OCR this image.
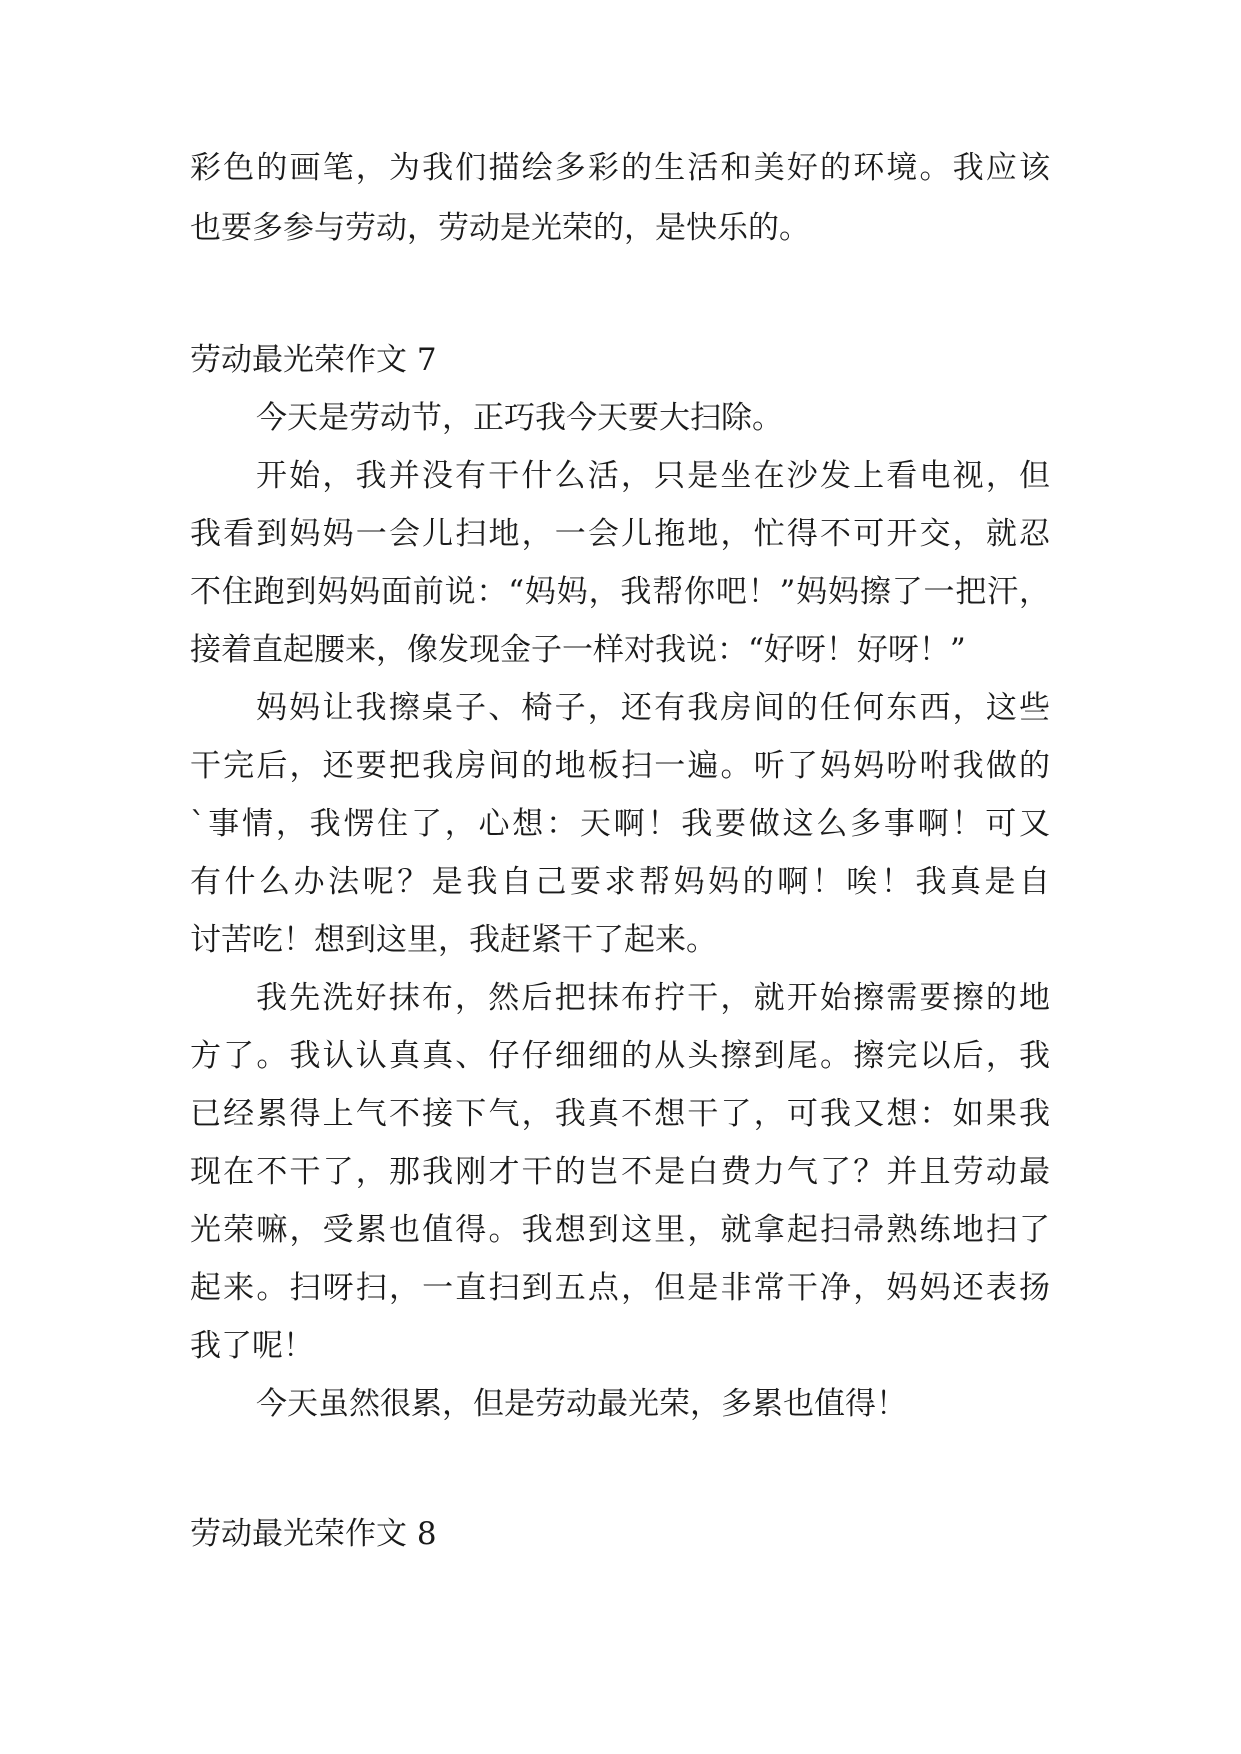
彩色的画笔，为我们描绘多彩的生活和美好的环境。我应该
也要多参与劳动，劳动是光荣的，是快乐的。
劳动最光荣作文 7
今天是劳动节，正巧我今天要大扫除。
开始，我并没有干什么活，只是坐在沙发上看电视，但
我看到妈妈一会儿扫地，一会儿拖地，忙得不可开交，就忍
不住跑到妈妈面前说：“妈妈，我帮你吧！”妈妈擦了一把汗，
接着直起腰来，像发现金子一样对我说：“好呀！好呀！”
妈妈让我擦桌子、椅子，还有我房间的任何东西，这些
干完后，还要把我房间的地板扫一遍。听了妈妈吩咐我做的
`事情，我愣住了，心想：天啊！我要做这么多事啊！可又
有什么办法呢？是我自己要求帮妈妈的啊！唉！我真是自
讨苦吃！想到这里，我赶紧干了起来。
我先洗好抹布，然后把抹布拧干，就开始擦需要擦的地
方了。我认认真真、仔仔细细的从头擦到尾。擦完以后，我
已经累得上气不接下气，我真不想干了，可我又想：如果我
现在不干了，那我刚才干的岂不是白费力气了？并且劳动最
光荣嘛，受累也值得。我想到这里，就拿起扫帚熟练地扫了
起来。扫呀扫，一直扫到五点，但是非常干净，妈妈还表扬
我了呢！
今天虽然很累，但是劳动最光荣，多累也值得！
劳动最光荣作文 8
